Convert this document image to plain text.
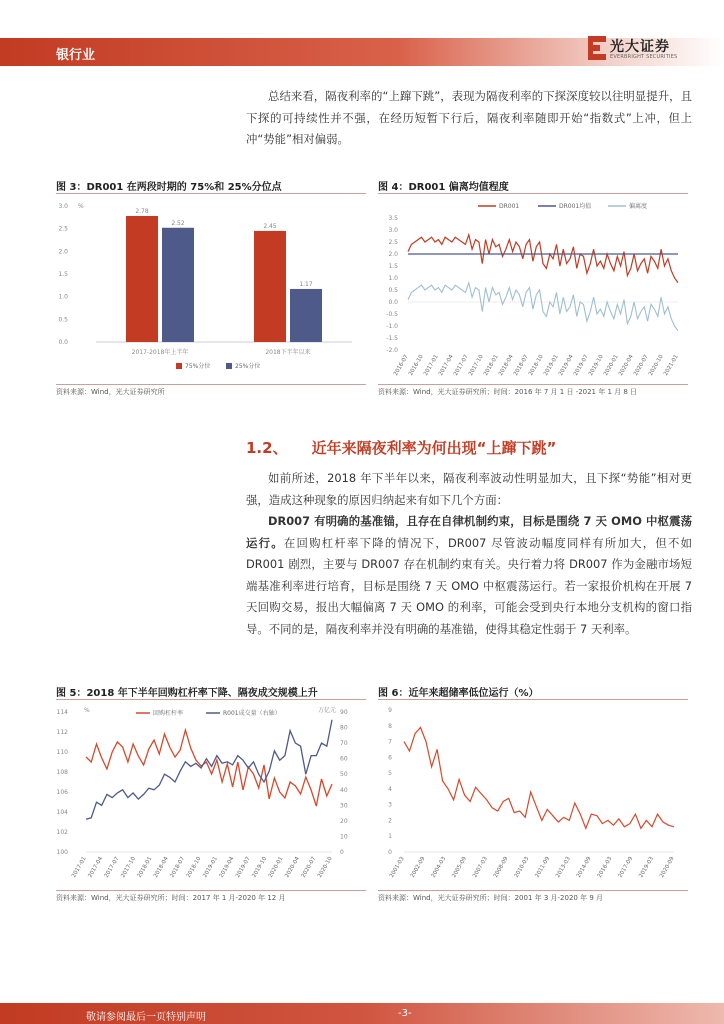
银行业
光大证券
EVERBRIGHT SECURITIES

总结来看，隔夜利率的“上蹿下跳”，表现为隔夜利率的下探深度较以往明显提升，且下探的可持续性并不强，在经历短暂下行后，隔夜利率随即开始“指数式”上冲，但上冲“势能”相对偏弱。

图 3：DR001 在两段时期的 75%和 25%分位点
%
0.0
0.5
1.0
1.5
2.0
2.5
3.0
2.78
2.52
2017-2018年上半年
2.45
1.17
2018下半年以来
75%分位	25%分位
资料来源：Wind，光大证券研究所
图 4：DR001 偏离均值程度
3.5
3.0
2.5
2.0
1.5
1.0
0.5
0.0
-0.5
-1.0
-1.5
-2.0
DR001	DR001均值	偏离度
2016-07
2016-10
2017-01
2017-04
2017-07
2017-10
2018-01
2018-04
2018-07
2018-10
2019-01
2019-04
2019-07
2019-10
2020-01
2020-04
2020-07
2020-10
2021-01
资料来源：Wind，光大证券研究所；时间：2016 年 7 月 1 日 -2021 年 1 月 8 日
1.2、 近年来隔夜利率为何出现“上蹿下跳”

如前所述，2018 年下半年以来，隔夜利率波动性明显加大，且下探“势能”相对更强，造成这种现象的原因归纳起来有如下几个方面：

DR007 有明确的基准锚，且存在自律机制约束，目标是围绕 7 天 OMO 中枢震荡运行。在回购杠杆率下降的情况下，DR007 尽管波动幅度同样有所加大，但不如 DR001 剧烈，主要与 DR007 存在机制约束有关。央行着力将 DR007 作为金融市场短端基准利率进行培育，目标是围绕 7 天 OMO 中枢震荡运行。若一家报价机构在开展 7 天回购交易，报出大幅偏离 7 天 OMO 的利率，可能会受到央行本地分支机构的窗口指导。不同的是，隔夜利率并没有明确的基准锚，使得其稳定性弱于 7 天利率。

图 5：2018 年下半年回购杠杆率下降、隔夜成交规模上升
%	万亿元
114
112
110
108
106
104
102
100
90
80
70
60
50
40
30
20
10
0
回购杠杆率	R001成交量（右轴）
2017-01 2017-04 2017-07 2017-10 2018-01 2018-04 2018-07 2018-10 2019-01 2019-04 2019-07 2019-10 2020-01 2020-04 2020-07 2020-10
资料来源：Wind，光大证券研究所；时间：2017 年 1 月-2020 年 12 月
图 6：近年来超储率低位运行（%）
9
8
7
6
5
4
3
2
1
0
2001-03 2002-09 2004-03 2005-09 2007-03 2008-09 2010-03 2011-09 2013-03 2014-09 2016-03 2017-09 2019-03 2020-09
资料来源：Wind，光大证券研究所；时间：2001 年 3 月-2020 年 9 月
敬请参阅最后一页特别声明	-3-
